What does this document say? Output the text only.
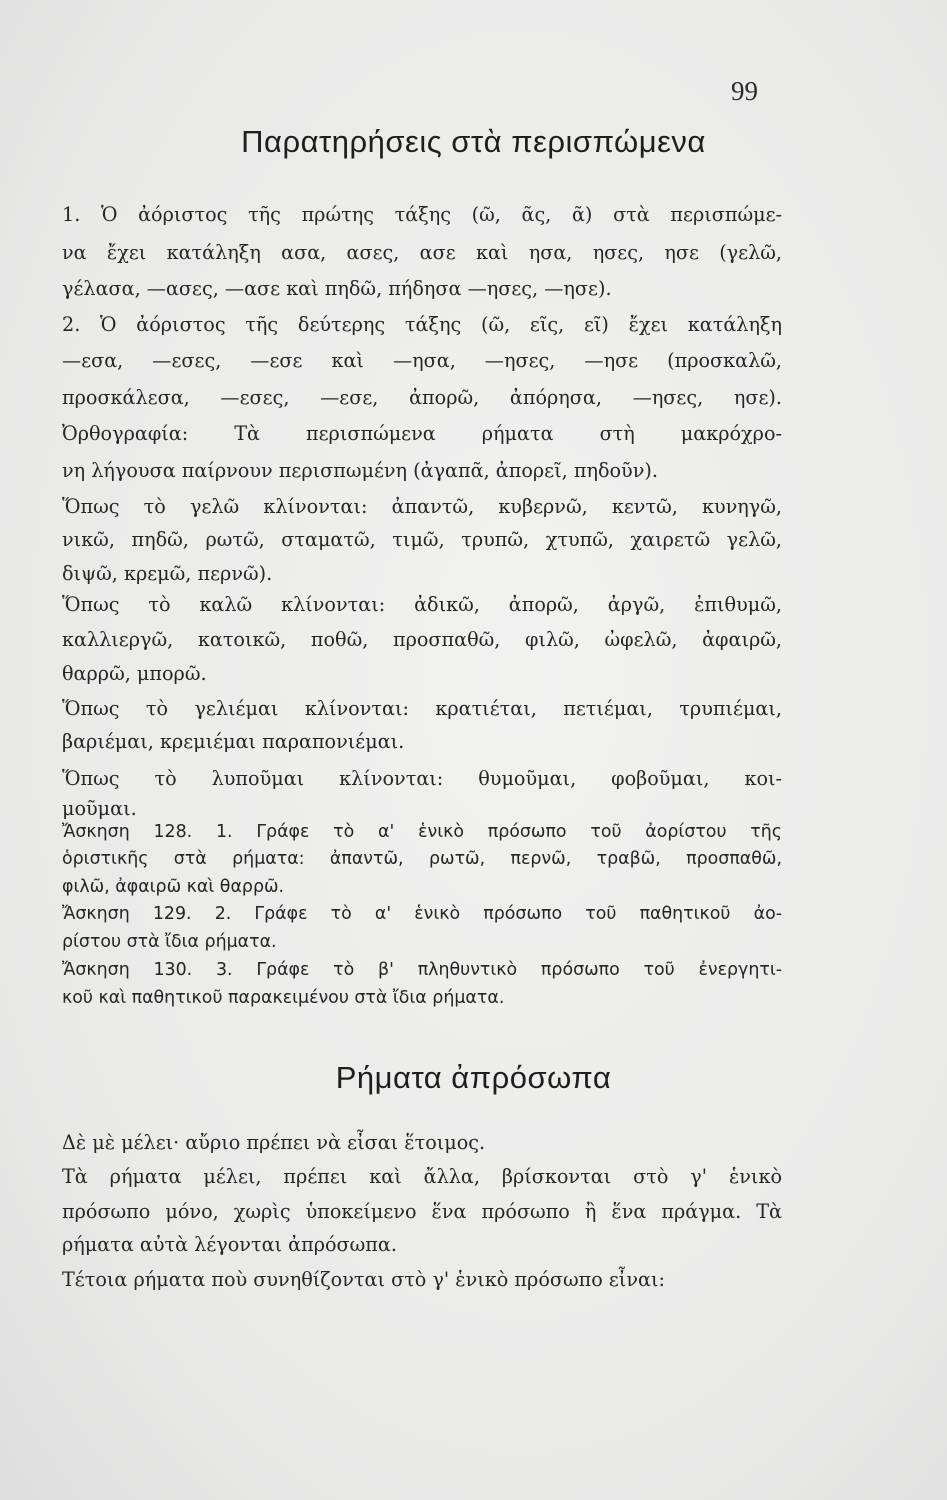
99
Παρατηρήσεις στὰ περισπώμενα
1. Ὁ ἀόριστος τῆς πρώτης τάξης (ῶ, ᾶς, ᾶ) στὰ περισπώμε-
να ἔχει κατάληξη ασα, ασες, ασε καὶ ησα, ησες, ησε (γελῶ,
γέλασα, —ασες, —ασε καὶ πηδῶ, πήδησα —ησες, —ησε).
2. Ὁ ἀόριστος τῆς δεύτερης τάξης (ῶ, εῖς, εῖ) ἔχει κατάληξη
—εσα, —εσες, —εσε καὶ —ησα, —ησες, —ησε (προσκαλῶ,
προσκάλεσα, —εσες, —εσε, ἀπορῶ, ἀπόρησα, —ησες, ησε).
Ὀρθογραφία: Τὰ περισπώμενα ρήματα στὴ μακρόχρο-
νη λήγουσα παίρνουν περισπωμένη (ἀγαπᾶ, ἀπορεῖ, πηδοῦν).
Ὅπως τὸ γελῶ κλίνονται: ἀπαντῶ, κυβερνῶ, κεντῶ, κυνηγῶ,
νικῶ, πηδῶ, ρωτῶ, σταματῶ, τιμῶ, τρυπῶ, χτυπῶ, χαιρετῶ γελῶ,
διψῶ, κρεμῶ, περνῶ).
Ὅπως τὸ καλῶ κλίνονται: ἀδικῶ, ἀπορῶ, ἀργῶ, ἐπιθυμῶ,
καλλιεργῶ, κατοικῶ, ποθῶ, προσπαθῶ, φιλῶ, ὠφελῶ, ἀφαιρῶ,
θαρρῶ, μπορῶ.
Ὅπως τὸ γελιέμαι κλίνονται: κρατιέται, πετιέμαι, τρυπιέμαι,
βαριέμαι, κρεμιέμαι παραπονιέμαι.
Ὅπως τὸ λυποῦμαι κλίνονται: θυμοῦμαι, φοβοῦμαι, κοι-
μοῦμαι.
Ἄσκηση 128. 1. Γράφε τὸ α' ἑνικὸ πρόσωπο τοῦ ἀορίστου τῆς
ὁριστικῆς στὰ ρήματα: ἀπαντῶ, ρωτῶ, περνῶ, τραβῶ, προσπαθῶ,
φιλῶ, ἀφαιρῶ καὶ θαρρῶ.
Ἄσκηση 129. 2. Γράφε τὸ α' ἑνικὸ πρόσωπο τοῦ παθητικοῦ ἀο-
ρίστου στὰ ἴδια ρήματα.
Ἄσκηση 130. 3. Γράφε τὸ β' πληθυντικὸ πρόσωπο τοῦ ἐνεργητι-
κοῦ καὶ παθητικοῦ παρακειμένου στὰ ἴδια ρήματα.
Ρήματα ἀπρόσωπα
Δὲ μὲ μέλει· αὔριο πρέπει νὰ εἶσαι ἕτοιμος.
Τὰ ρήματα μέλει, πρέπει καὶ ἄλλα, βρίσκονται στὸ γ' ἑνικὸ
πρόσωπο μόνο, χωρὶς ὑποκείμενο ἕνα πρόσωπο ἢ ἕνα πράγμα. Τὰ
ρήματα αὐτὰ λέγονται ἀπρόσωπα.
Τέτοια ρήματα ποὺ συνηθίζονται στὸ γ' ἑνικὸ πρόσωπο εἶναι:
